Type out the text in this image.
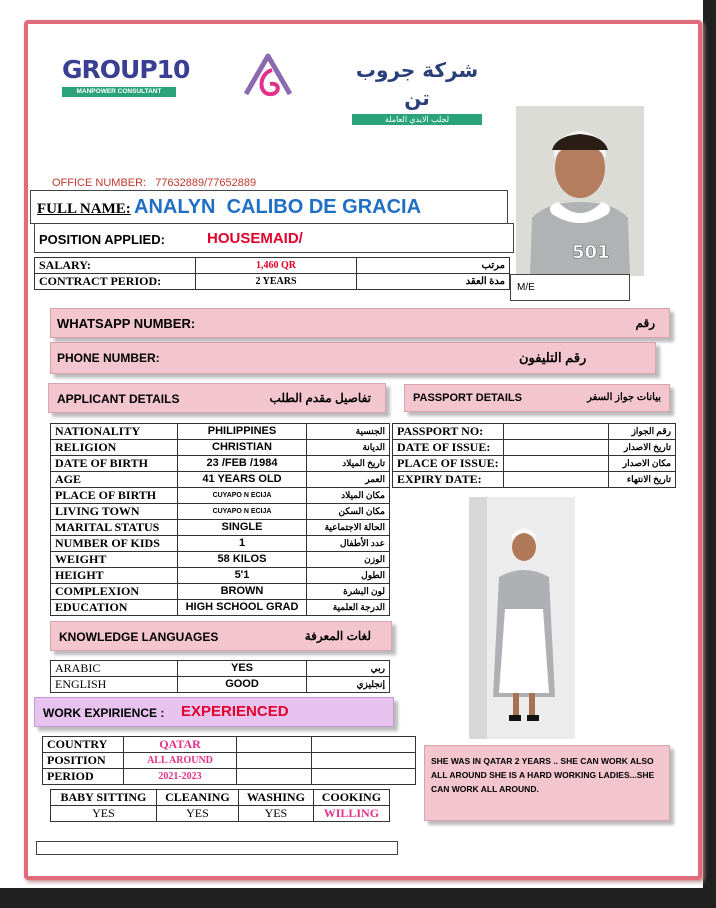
GROUP10
MANPOWER CONSULTANT
شركة جروب تن
لجلب الايدي العاملة
501
M/E
OFFICE NUMBER: 77632889/77652889
FULL NAME: ANALYN  CALIBO DE GRACIA
POSITION APPLIED:	HOUSEMAID/
SALARY:	1,460 QR	مرتب
CONTRACT PERIOD:	2 YEARS	مدة العقد
WHATSAPP NUMBER:	رقم
PHONE NUMBER:	رقم التليفون
APPLICANT DETAILS	تفاصيل مقدم الطلب	PASSPORT DETAILS	بيانات جواز السفر
NATIONALITY	PHILIPPINES	الجنسية
RELIGION	CHRISTIAN	الديانة
DATE OF BIRTH	23 /FEB /1984	تاريخ الميلاد
AGE	41 YEARS OLD	العمر
PLACE OF BIRTH	CUYAPO N ECIJA	مكان الميلاد
LIVING TOWN	CUYAPO N ECIJA	مكان السكن
MARITAL STATUS	SINGLE	الحالة الاجتماعية
NUMBER OF KIDS	1	عدد الأطفال
WEIGHT	58 KILOS	الوزن
HEIGHT	5'1	الطول
COMPLEXION	BROWN	لون البشرة
EDUCATION	HIGH SCHOOL GRAD	الدرجة العلمية
PASSPORT NO:		رقم الجواز
DATE OF ISSUE:		تاريخ الاصدار
PLACE OF ISSUE:		مكان الاصدار
EXPIRY DATE:		تاريخ الانتهاء
KNOWLEDGE LANGUAGES	لغات المعرفة
ARABIC	YES	ربي
ENGLISH	GOOD	إنجليزي
WORK EXPIRIENCE : EXPERIENCED
COUNTRY	QATAR		
POSITION	ALL AROUND		
PERIOD	2021-2023		
BABY SITTING	CLEANING	WASHING	COOKING
YES	YES	YES	WILLING
SHE WAS IN QATAR 2 YEARS .. SHE CAN WORK ALSO ALL AROUND SHE IS A HARD WORKING LADIES...SHE CAN WORK ALL AROUND.
